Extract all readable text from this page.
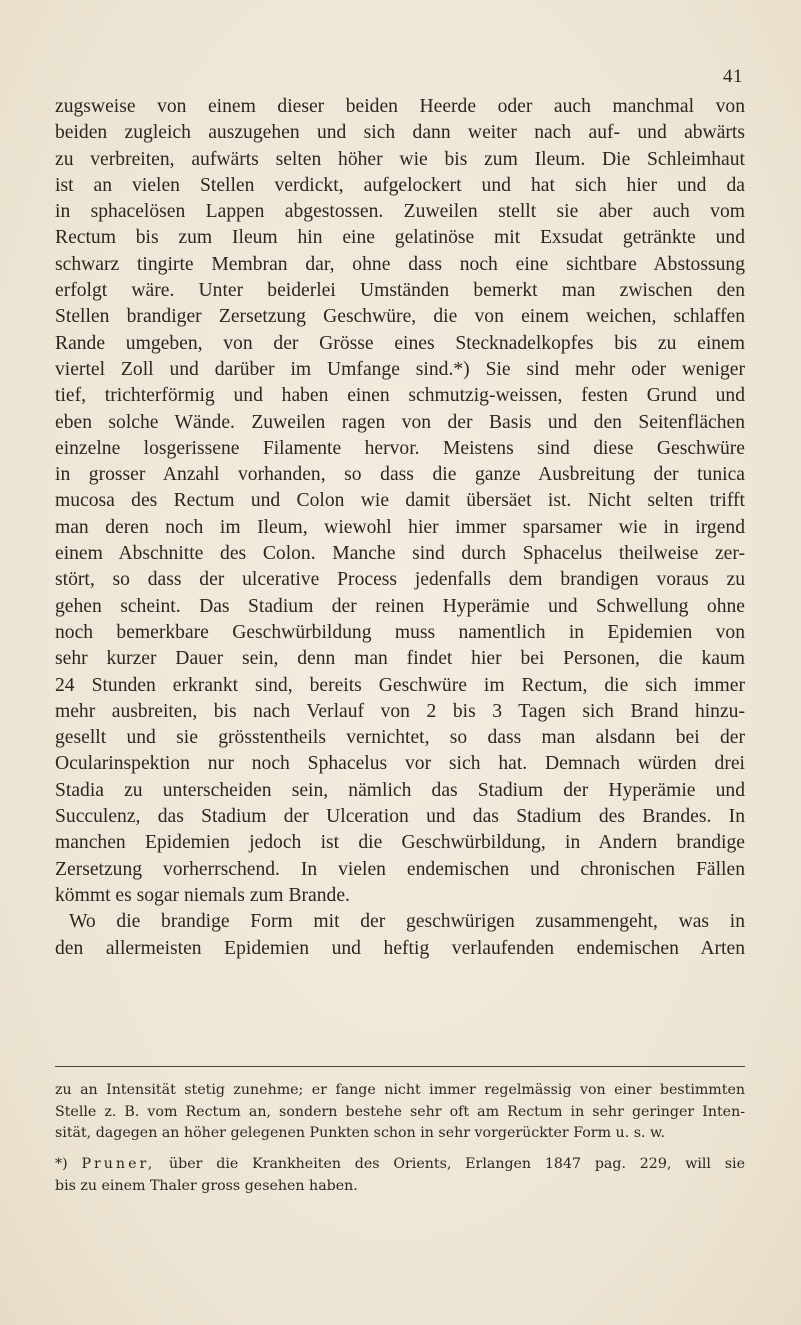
41
zugsweise von einem dieser beiden Heerde oder auch manchmal von
beiden zugleich auszugehen und sich dann weiter nach auf- und abwärts
zu verbreiten, aufwärts selten höher wie bis zum Ileum. Die Schleimhaut
ist an vielen Stellen verdickt, aufgelockert und hat sich hier und da
in sphacelösen Lappen abgestossen. Zuweilen stellt sie aber auch vom
Rectum bis zum Ileum hin eine gelatinöse mit Exsudat getränkte und
schwarz tingirte Membran dar, ohne dass noch eine sichtbare Abstossung
erfolgt wäre. Unter beiderlei Umständen bemerkt man zwischen den
Stellen brandiger Zersetzung Geschwüre, die von einem weichen, schlaffen
Rande umgeben, von der Grösse eines Stecknadelkopfes bis zu einem
viertel Zoll und darüber im Umfange sind.*) Sie sind mehr oder weniger
tief, trichterförmig und haben einen schmutzig-weissen, festen Grund und
eben solche Wände. Zuweilen ragen von der Basis und den Seitenflächen
einzelne losgerissene Filamente hervor. Meistens sind diese Geschwüre
in grosser Anzahl vorhanden, so dass die ganze Ausbreitung der tunica
mucosa des Rectum und Colon wie damit übersäet ist. Nicht selten trifft
man deren noch im Ileum, wiewohl hier immer sparsamer wie in irgend
einem Abschnitte des Colon. Manche sind durch Sphacelus theilweise zer-
stört, so dass der ulcerative Process jedenfalls dem brandigen voraus zu
gehen scheint. Das Stadium der reinen Hyperämie und Schwellung ohne
noch bemerkbare Geschwürbildung muss namentlich in Epidemien von
sehr kurzer Dauer sein, denn man findet hier bei Personen, die kaum
24 Stunden erkrankt sind, bereits Geschwüre im Rectum, die sich immer
mehr ausbreiten, bis nach Verlauf von 2 bis 3 Tagen sich Brand hinzu-
gesellt und sie grösstentheils vernichtet, so dass man alsdann bei der
Ocularinspektion nur noch Sphacelus vor sich hat. Demnach würden drei
Stadia zu unterscheiden sein, nämlich das Stadium der Hyperämie und
Succulenz, das Stadium der Ulceration und das Stadium des Brandes. In
manchen Epidemien jedoch ist die Geschwürbildung, in Andern brandige
Zersetzung vorherrschend. In vielen endemischen und chronischen Fällen
kömmt es sogar niemals zum Brande.
Wo die brandige Form mit der geschwürigen zusammengeht, was in
den allermeisten Epidemien und heftig verlaufenden endemischen Arten
zu an Intensität stetig zunehme; er fange nicht immer regelmässig von einer bestimmten
Stelle z. B. vom Rectum an, sondern bestehe sehr oft am Rectum in sehr geringer Inten-
sität, dagegen an höher gelegenen Punkten schon in sehr vorgerückter Form u. s. w.
*) Pruner, über die Krankheiten des Orients, Erlangen 1847 pag. 229, will sie
bis zu einem Thaler gross gesehen haben.
